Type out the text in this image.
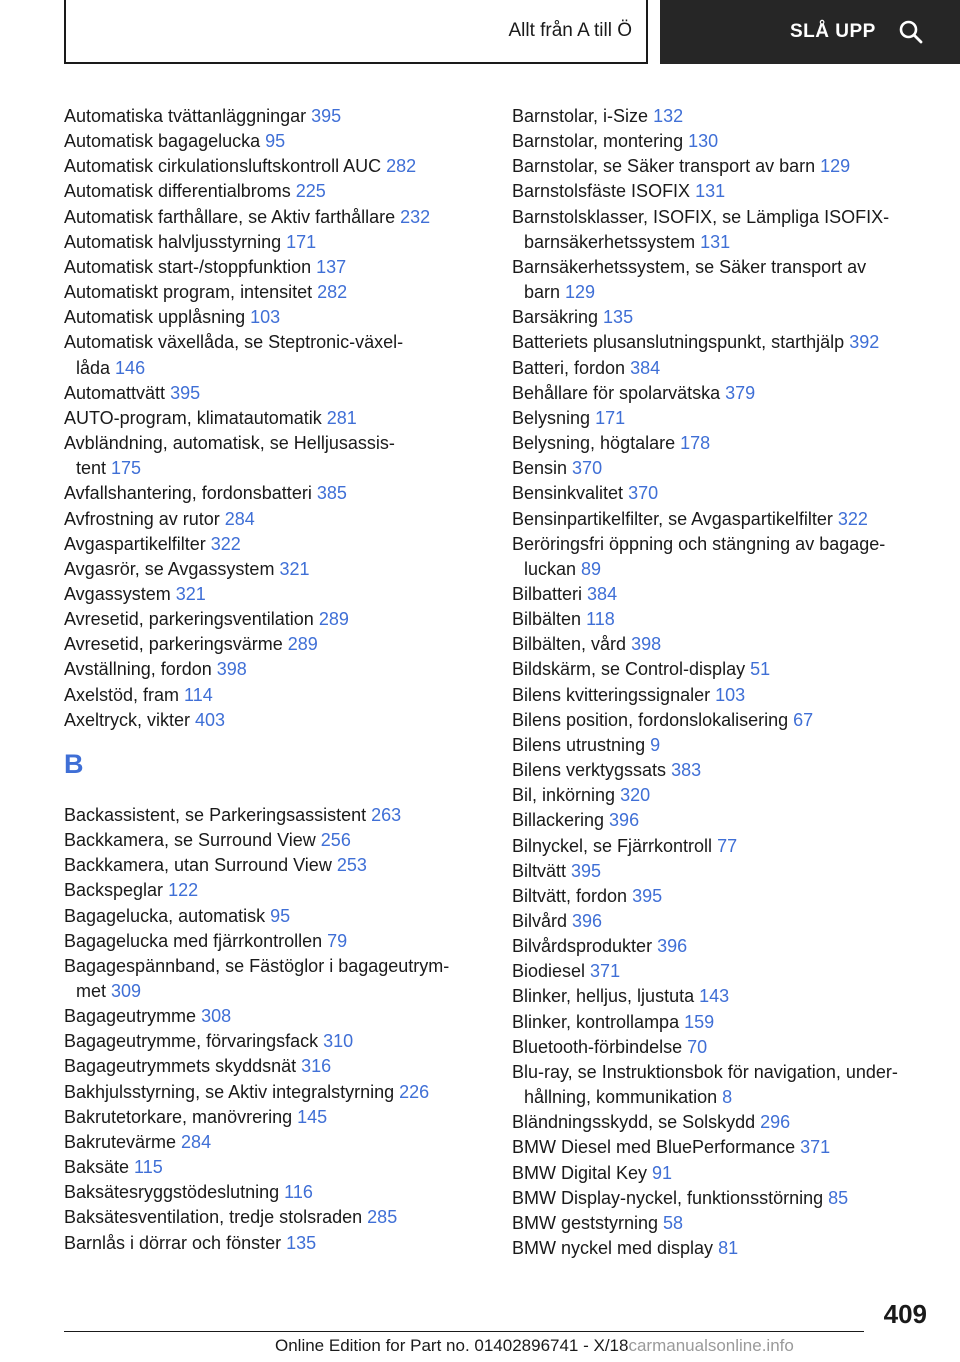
Allt från A till Ö	SLÅ UPP
Automatiska tvättanläggningar 395
Automatisk bagagelucka 95
Automatisk cirkulationsluftskontroll AUC 282
Automatisk differentialbroms 225
Automatisk farthållare, se Aktiv farthållare 232
Automatisk halvljusstyrning 171
Automatisk start-/stoppfunktion 137
Automatiskt program, intensitet 282
Automatisk upplåsning 103
Automatisk växellåda, se Steptronic-växel-
låda 146
Automattvätt 395
AUTO-program, klimatautomatik 281
Avbländning, automatisk, se Helljusassis-
tent 175
Avfallshantering, fordonsbatteri 385
Avfrostning av rutor 284
Avgaspartikelfilter 322
Avgasrör, se Avgassystem 321
Avgassystem 321
Avresetid, parkeringsventilation 289
Avresetid, parkeringsvärme 289
Avställning, fordon 398
Axelstöd, fram 114
Axeltryck, vikter 403
B
Backassistent, se Parkeringsassistent 263
Backkamera, se Surround View 256
Backkamera, utan Surround View 253
Backspeglar 122
Bagagelucka, automatisk 95
Bagagelucka med fjärrkontrollen 79
Bagagespännband, se Fästöglor i bagageutrym-
met 309
Bagageutrymme 308
Bagageutrymme, förvaringsfack 310
Bagageutrymmets skyddsnät 316
Bakhjulsstyrning, se Aktiv integralstyrning 226
Bakrutetorkare, manövrering 145
Bakrutevärme 284
Baksäte 115
Baksätesryggstödeslutning 116
Baksätesventilation, tredje stolsraden 285
Barnlås i dörrar och fönster 135
Barnstolar, i-Size 132
Barnstolar, montering 130
Barnstolar, se Säker transport av barn 129
Barnstolsfäste ISOFIX 131
Barnstolsklasser, ISOFIX, se Lämpliga ISOFIX-
barnsäkerhetssystem 131
Barnsäkerhetssystem, se Säker transport av
barn 129
Barsäkring 135
Batteriets plusanslutningspunkt, starthjälp 392
Batteri, fordon 384
Behållare för spolarvätska 379
Belysning 171
Belysning, högtalare 178
Bensin 370
Bensinkvalitet 370
Bensinpartikelfilter, se Avgaspartikelfilter 322
Beröringsfri öppning och stängning av bagage-
luckan 89
Bilbatteri 384
Bilbälten 118
Bilbälten, vård 398
Bildskärm, se Control-display 51
Bilens kvitteringssignaler 103
Bilens position, fordonslokalisering 67
Bilens utrustning 9
Bilens verktygssats 383
Bil, inkörning 320
Billackering 396
Bilnyckel, se Fjärrkontroll 77
Biltvätt 395
Biltvätt, fordon 395
Bilvård 396
Bilvårdsprodukter 396
Biodiesel 371
Blinker, helljus, ljustuta 143
Blinker, kontrollampa 159
Bluetooth-förbindelse 70
Blu-ray, se Instruktionsbok för navigation, under-
hållning, kommunikation 8
Bländningsskydd, se Solskydd 296
BMW Diesel med BluePerformance 371
BMW Digital Key 91
BMW Display-nyckel, funktionsstörning 85
BMW geststyrning 58
BMW nyckel med display 81
409
Online Edition for Part no. 01402896741 - X/18carmanualsonline.info
